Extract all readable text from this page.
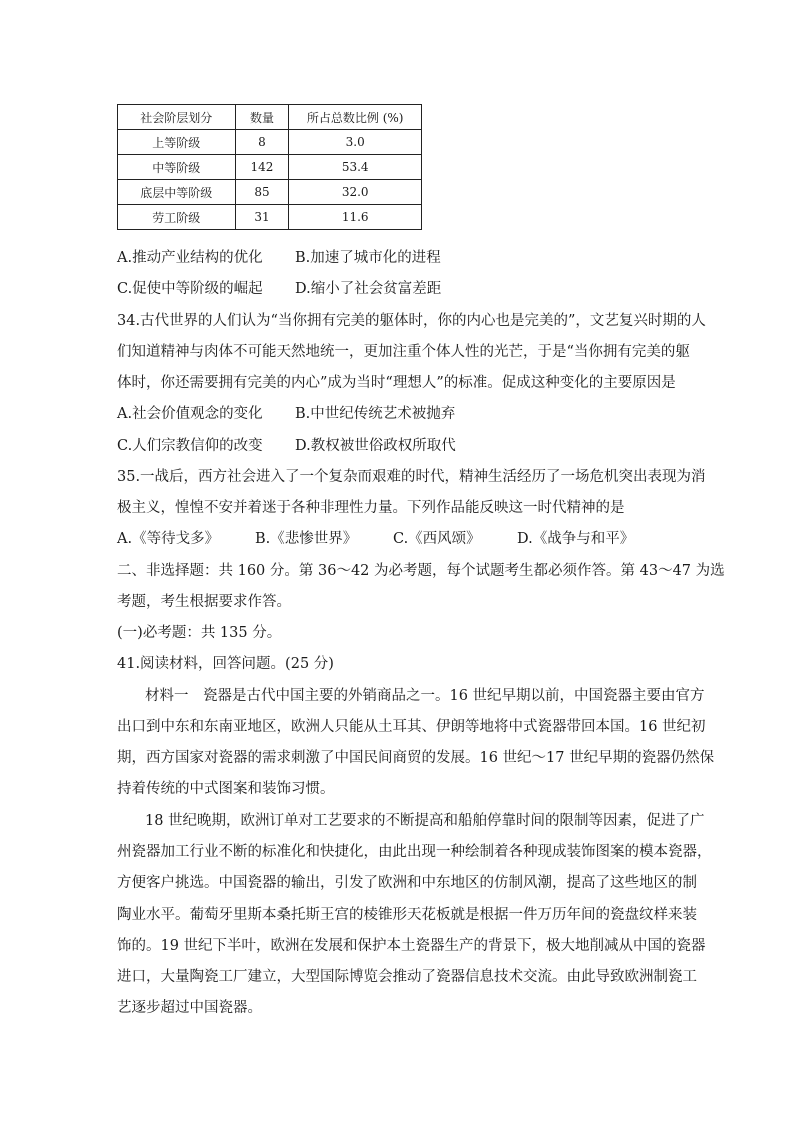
社会阶层划分	数量	所占总数比例 (%)
上等阶级	8	3.0
中等阶级	142	53.4
底层中等阶级	85	32.0
劳工阶级	31	11.6
A.推动产业结构的优化 B.加速了城市化的进程
C.促使中等阶级的崛起 D.缩小了社会贫富差距
34.古代世界的人们认为“当你拥有完美的躯体时，你的内心也是完美的”，文艺复兴时期的人
们知道精神与肉体不可能天然地统一，更加注重个体人性的光芒，于是“当你拥有完美的躯
体时，你还需要拥有完美的内心”成为当时“理想人”的标准。促成这种变化的主要原因是
A.社会价值观念的变化 B.中世纪传统艺术被抛弃
C.人们宗教信仰的改变 D.教权被世俗政权所取代
35.一战后，西方社会进入了一个复杂而艰难的时代，精神生活经历了一场危机突出表现为消
极主义，惶惶不安并着迷于各种非理性力量。下列作品能反映这一时代精神的是
A.《等待戈多》 B.《悲惨世界》 C.《西风颂》	D.《战争与和平》
二、非选择题：共 160 分。第 36～42 为必考题，每个试题考生都必须作答。第 43～47 为选
考题，考生根据要求作答。
(一)必考题：共 135 分。
41.阅读材料，回答问题。(25 分)
材料一　瓷器是古代中国主要的外销商品之一。16 世纪早期以前，中国瓷器主要由官方
出口到中东和东南亚地区，欧洲人只能从土耳其、伊朗等地将中式瓷器带回本国。16 世纪初
期，西方国家对瓷器的需求刺激了中国民间商贸的发展。16 世纪～17 世纪早期的瓷器仍然保
持着传统的中式图案和装饰习惯。
18 世纪晚期，欧洲订单对工艺要求的不断提高和船舶停靠时间的限制等因素，促进了广
州瓷器加工行业不断的标准化和快捷化，由此出现一种绘制着各种现成装饰图案的模本瓷器，
方便客户挑选。中国瓷器的输出，引发了欧洲和中东地区的仿制风潮，提高了这些地区的制
陶业水平。葡萄牙里斯本桑托斯王宫的棱锥形天花板就是根据一件万历年间的瓷盘纹样来装
饰的。19 世纪下半叶，欧洲在发展和保护本土瓷器生产的背景下，极大地削减从中国的瓷器
进口，大量陶瓷工厂建立，大型国际博览会推动了瓷器信息技术交流。由此导致欧洲制瓷工
艺逐步超过中国瓷器。
